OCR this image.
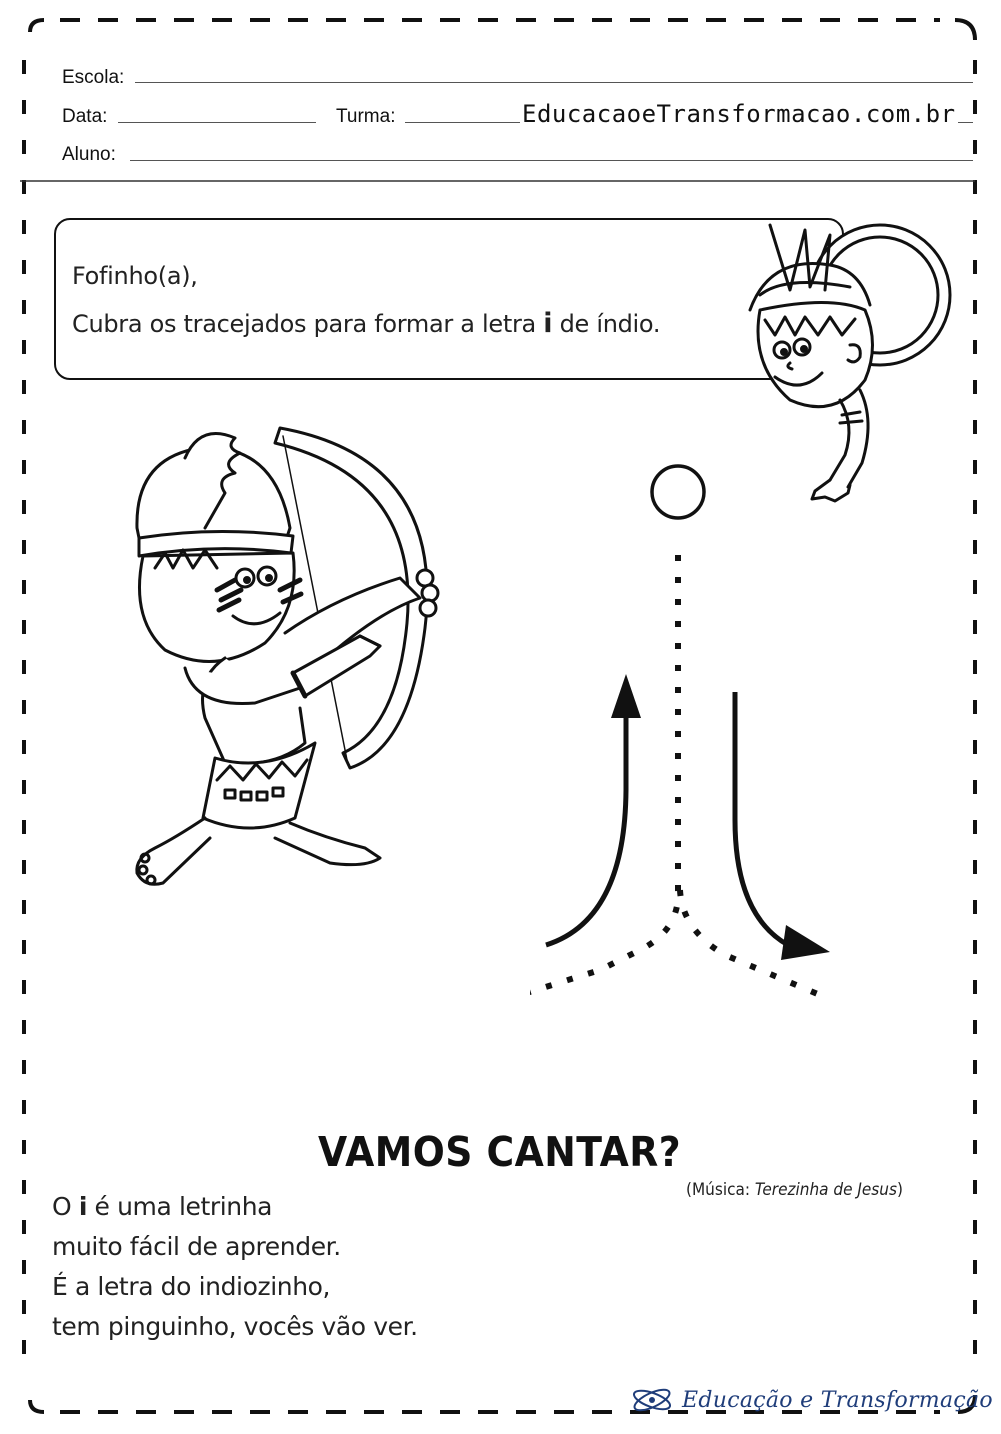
Escola:
Data:	Turma:	EducacaoeTransformacao.com.br
Aluno:
Fofinho(a),
Cubra os tracejados para formar a letra i de índio.
VAMOS CANTAR?
(Música: Terezinha de Jesus)
O i é uma letrinha
muito fácil de aprender.
É a letra do indiozinho,
tem pinguinho, vocês vão ver.
Educação e Transformação
